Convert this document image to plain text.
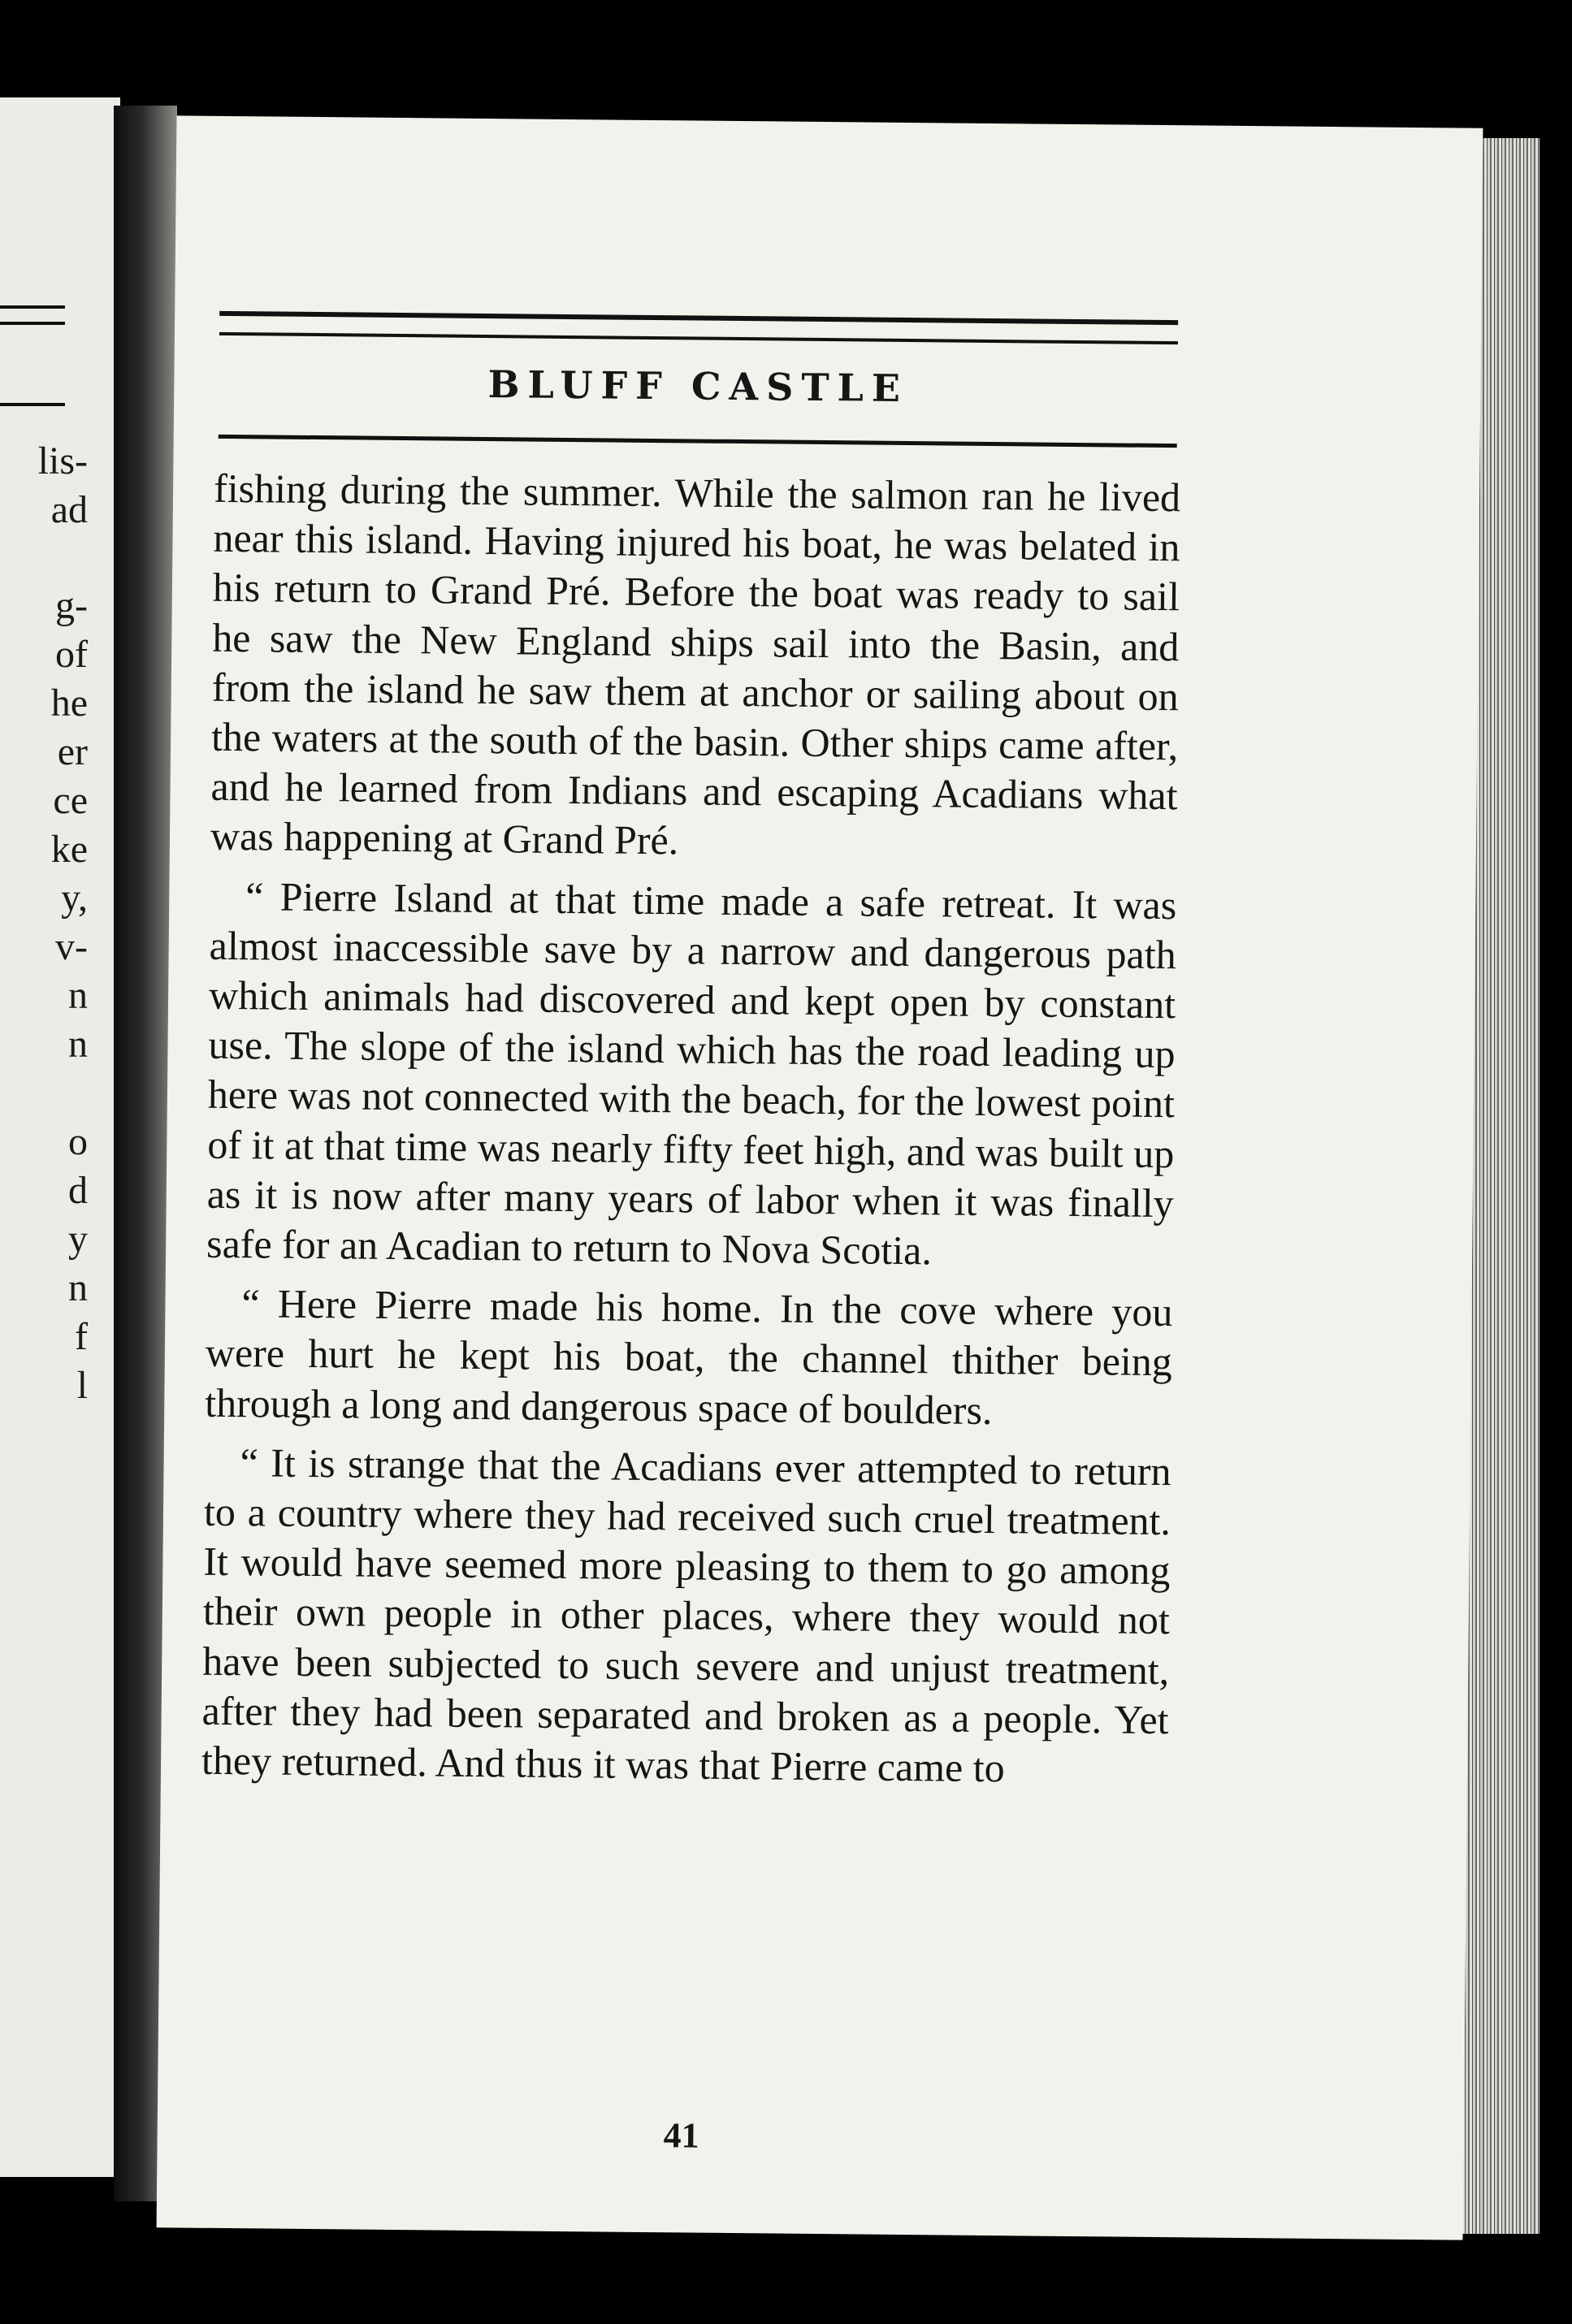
lis-
ad
g-
of
he
er
ce
ke
y,
v-
n
n
o
d
y
n
f
l
BLUFF CASTLE

fishing during the summer. While the salmon ran he lived near this island. Having injured his boat, he was belated in his return to Grand Pré. Before the boat was ready to sail he saw the New England ships sail into the Basin, and from the island he saw them at anchor or sailing about on the waters at the south of the basin. Other ships came after, and he learned from Indians and escaping Acadians what was happening at Grand Pré.

“ Pierre Island at that time made a safe retreat. It was almost inaccessible save by a narrow and dangerous path which animals had discovered and kept open by constant use. The slope of the island which has the road leading up here was not connected with the beach, for the lowest point of it at that time was nearly fifty feet high, and was built up as it is now after many years of labor when it was finally safe for an Acadian to return to Nova Scotia.

“ Here Pierre made his home. In the cove where you were hurt he kept his boat, the channel thither being through a long and dangerous space of boulders.

“ It is strange that the Acadians ever attempted to return to a country where they had received such cruel treatment. It would have seemed more pleasing to them to go among their own people in other places, where they would not have been subjected to such severe and unjust treatment, after they had been separated and broken as a people. Yet they returned. And thus it was that Pierre came to

41
